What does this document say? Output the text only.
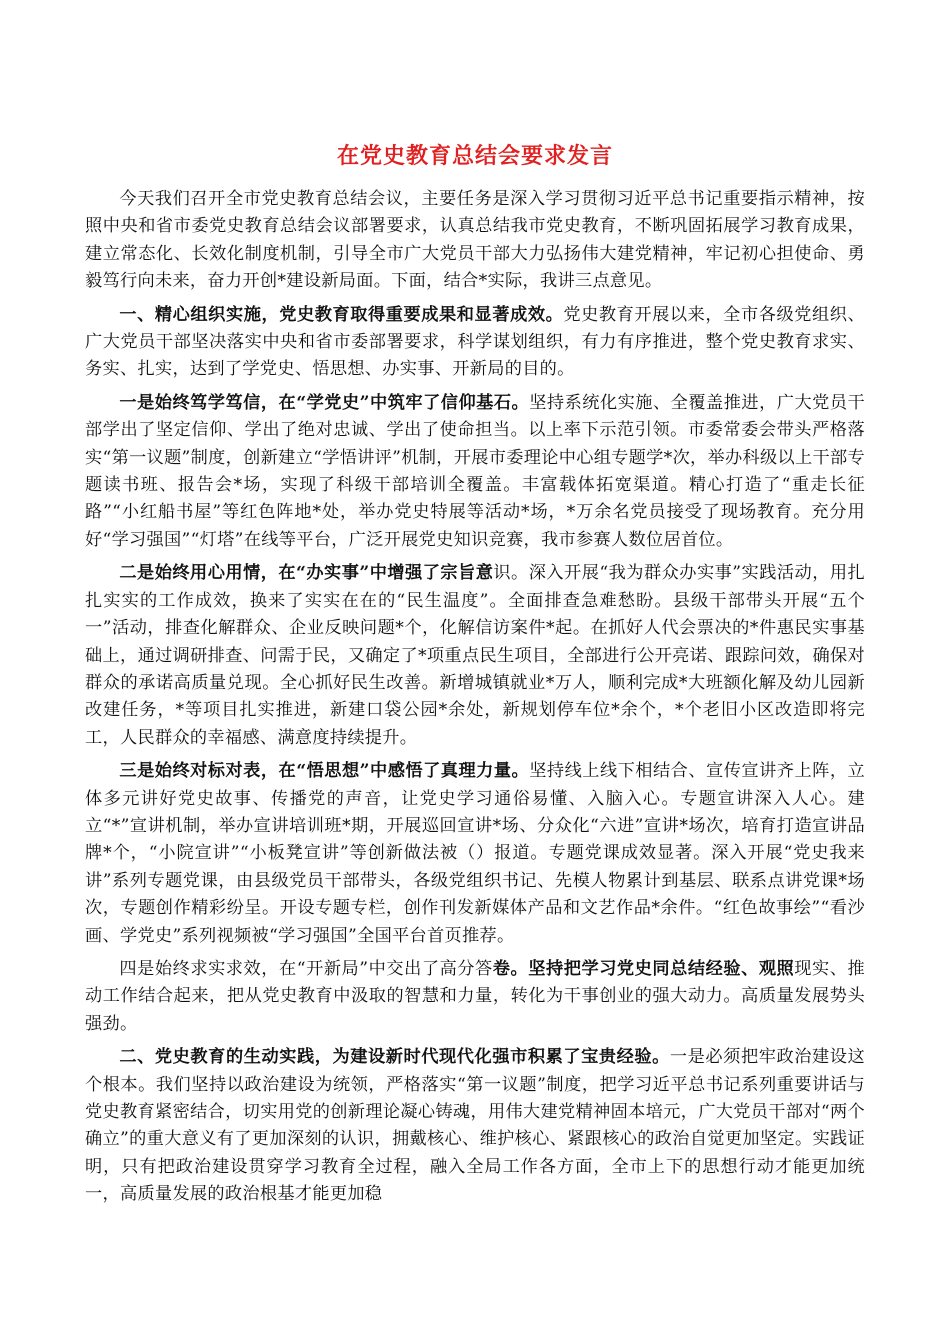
在党史教育总结会要求发言

今天我们召开全市党史教育总结会议，主要任务是深入学习贯彻习近平总书记重要指示精神，按照中央和省市委党史教育总结会议部署要求，认真总结我市党史教育，不断巩固拓展学习教育成果，建立常态化、长效化制度机制，引导全市广大党员干部大力弘扬伟大建党精神，牢记初心担使命、勇毅笃行向未来，奋力开创*建设新局面。下面，结合*实际，我讲三点意见。

一、精心组织实施，党史教育取得重要成果和显著成效。党史教育开展以来，全市各级党组织、广大党员干部坚决落实中央和省市委部署要求，科学谋划组织，有力有序推进，整个党史教育求实、务实、扎实，达到了学党史、悟思想、办实事、开新局的目的。

一是始终笃学笃信，在“学党史”中筑牢了信仰基石。坚持系统化实施、全覆盖推进，广大党员干部学出了坚定信仰、学出了绝对忠诚、学出了使命担当。以上率下示范引领。市委常委会带头严格落实“第一议题”制度，创新建立“学悟讲评”机制，开展市委理论中心组专题学*次，举办科级以上干部专题读书班、报告会*场，实现了科级干部培训全覆盖。丰富载体拓宽渠道。精心打造了“重走长征路”“小红船书屋”等红色阵地*处，举办党史特展等活动*场，*万余名党员接受了现场教育。充分用好“学习强国”“灯塔”在线等平台，广泛开展党史知识竞赛，我市参赛人数位居首位。

二是始终用心用情，在“办实事”中增强了宗旨意识。深入开展“我为群众办实事”实践活动，用扎扎实实的工作成效，换来了实实在在的“民生温度”。全面排查急难愁盼。县级干部带头开展“五个一”活动，排查化解群众、企业反映问题*个，化解信访案件*起。在抓好人代会票决的*件惠民实事基础上，通过调研排查、问需于民，又确定了*项重点民生项目，全部进行公开亮诺、跟踪问效，确保对群众的承诺高质量兑现。全心抓好民生改善。新增城镇就业*万人，顺利完成*大班额化解及幼儿园新改建任务，*等项目扎实推进，新建口袋公园*余处，新规划停车位*余个，*个老旧小区改造即将完工，人民群众的幸福感、满意度持续提升。

三是始终对标对表，在“悟思想”中感悟了真理力量。坚持线上线下相结合、宣传宣讲齐上阵，立体多元讲好党史故事、传播党的声音，让党史学习通俗易懂、入脑入心。专题宣讲深入人心。建立“*”宣讲机制，举办宣讲培训班*期，开展巡回宣讲*场、分众化“六进”宣讲*场次，培育打造宣讲品牌*个，“小院宣讲”“小板凳宣讲”等创新做法被（）报道。专题党课成效显著。深入开展“党史我来讲”系列专题党课，由县级党员干部带头，各级党组织书记、先模人物累计到基层、联系点讲党课*场次，专题创作精彩纷呈。开设专题专栏，创作刊发新媒体产品和文艺作品*余件。“红色故事绘”“看沙画、学党史”系列视频被“学习强国”全国平台首页推荐。

四是始终求实求效，在“开新局”中交出了高分答卷。坚持把学习党史同总结经验、观照现实、推动工作结合起来，把从党史教育中汲取的智慧和力量，转化为干事创业的强大动力。高质量发展势头强劲。

二、党史教育的生动实践，为建设新时代现代化强市积累了宝贵经验。一是必须把牢政治建设这个根本。我们坚持以政治建设为统领，严格落实“第一议题”制度，把学习近平总书记系列重要讲话与党史教育紧密结合，切实用党的创新理论凝心铸魂，用伟大建党精神固本培元，广大党员干部对“两个确立”的重大意义有了更加深刻的认识，拥戴核心、维护核心、紧跟核心的政治自觉更加坚定。实践证明，只有把政治建设贯穿学习教育全过程，融入全局工作各方面，全市上下的思想行动才能更加统一，高质量发展的政治根基才能更加稳
